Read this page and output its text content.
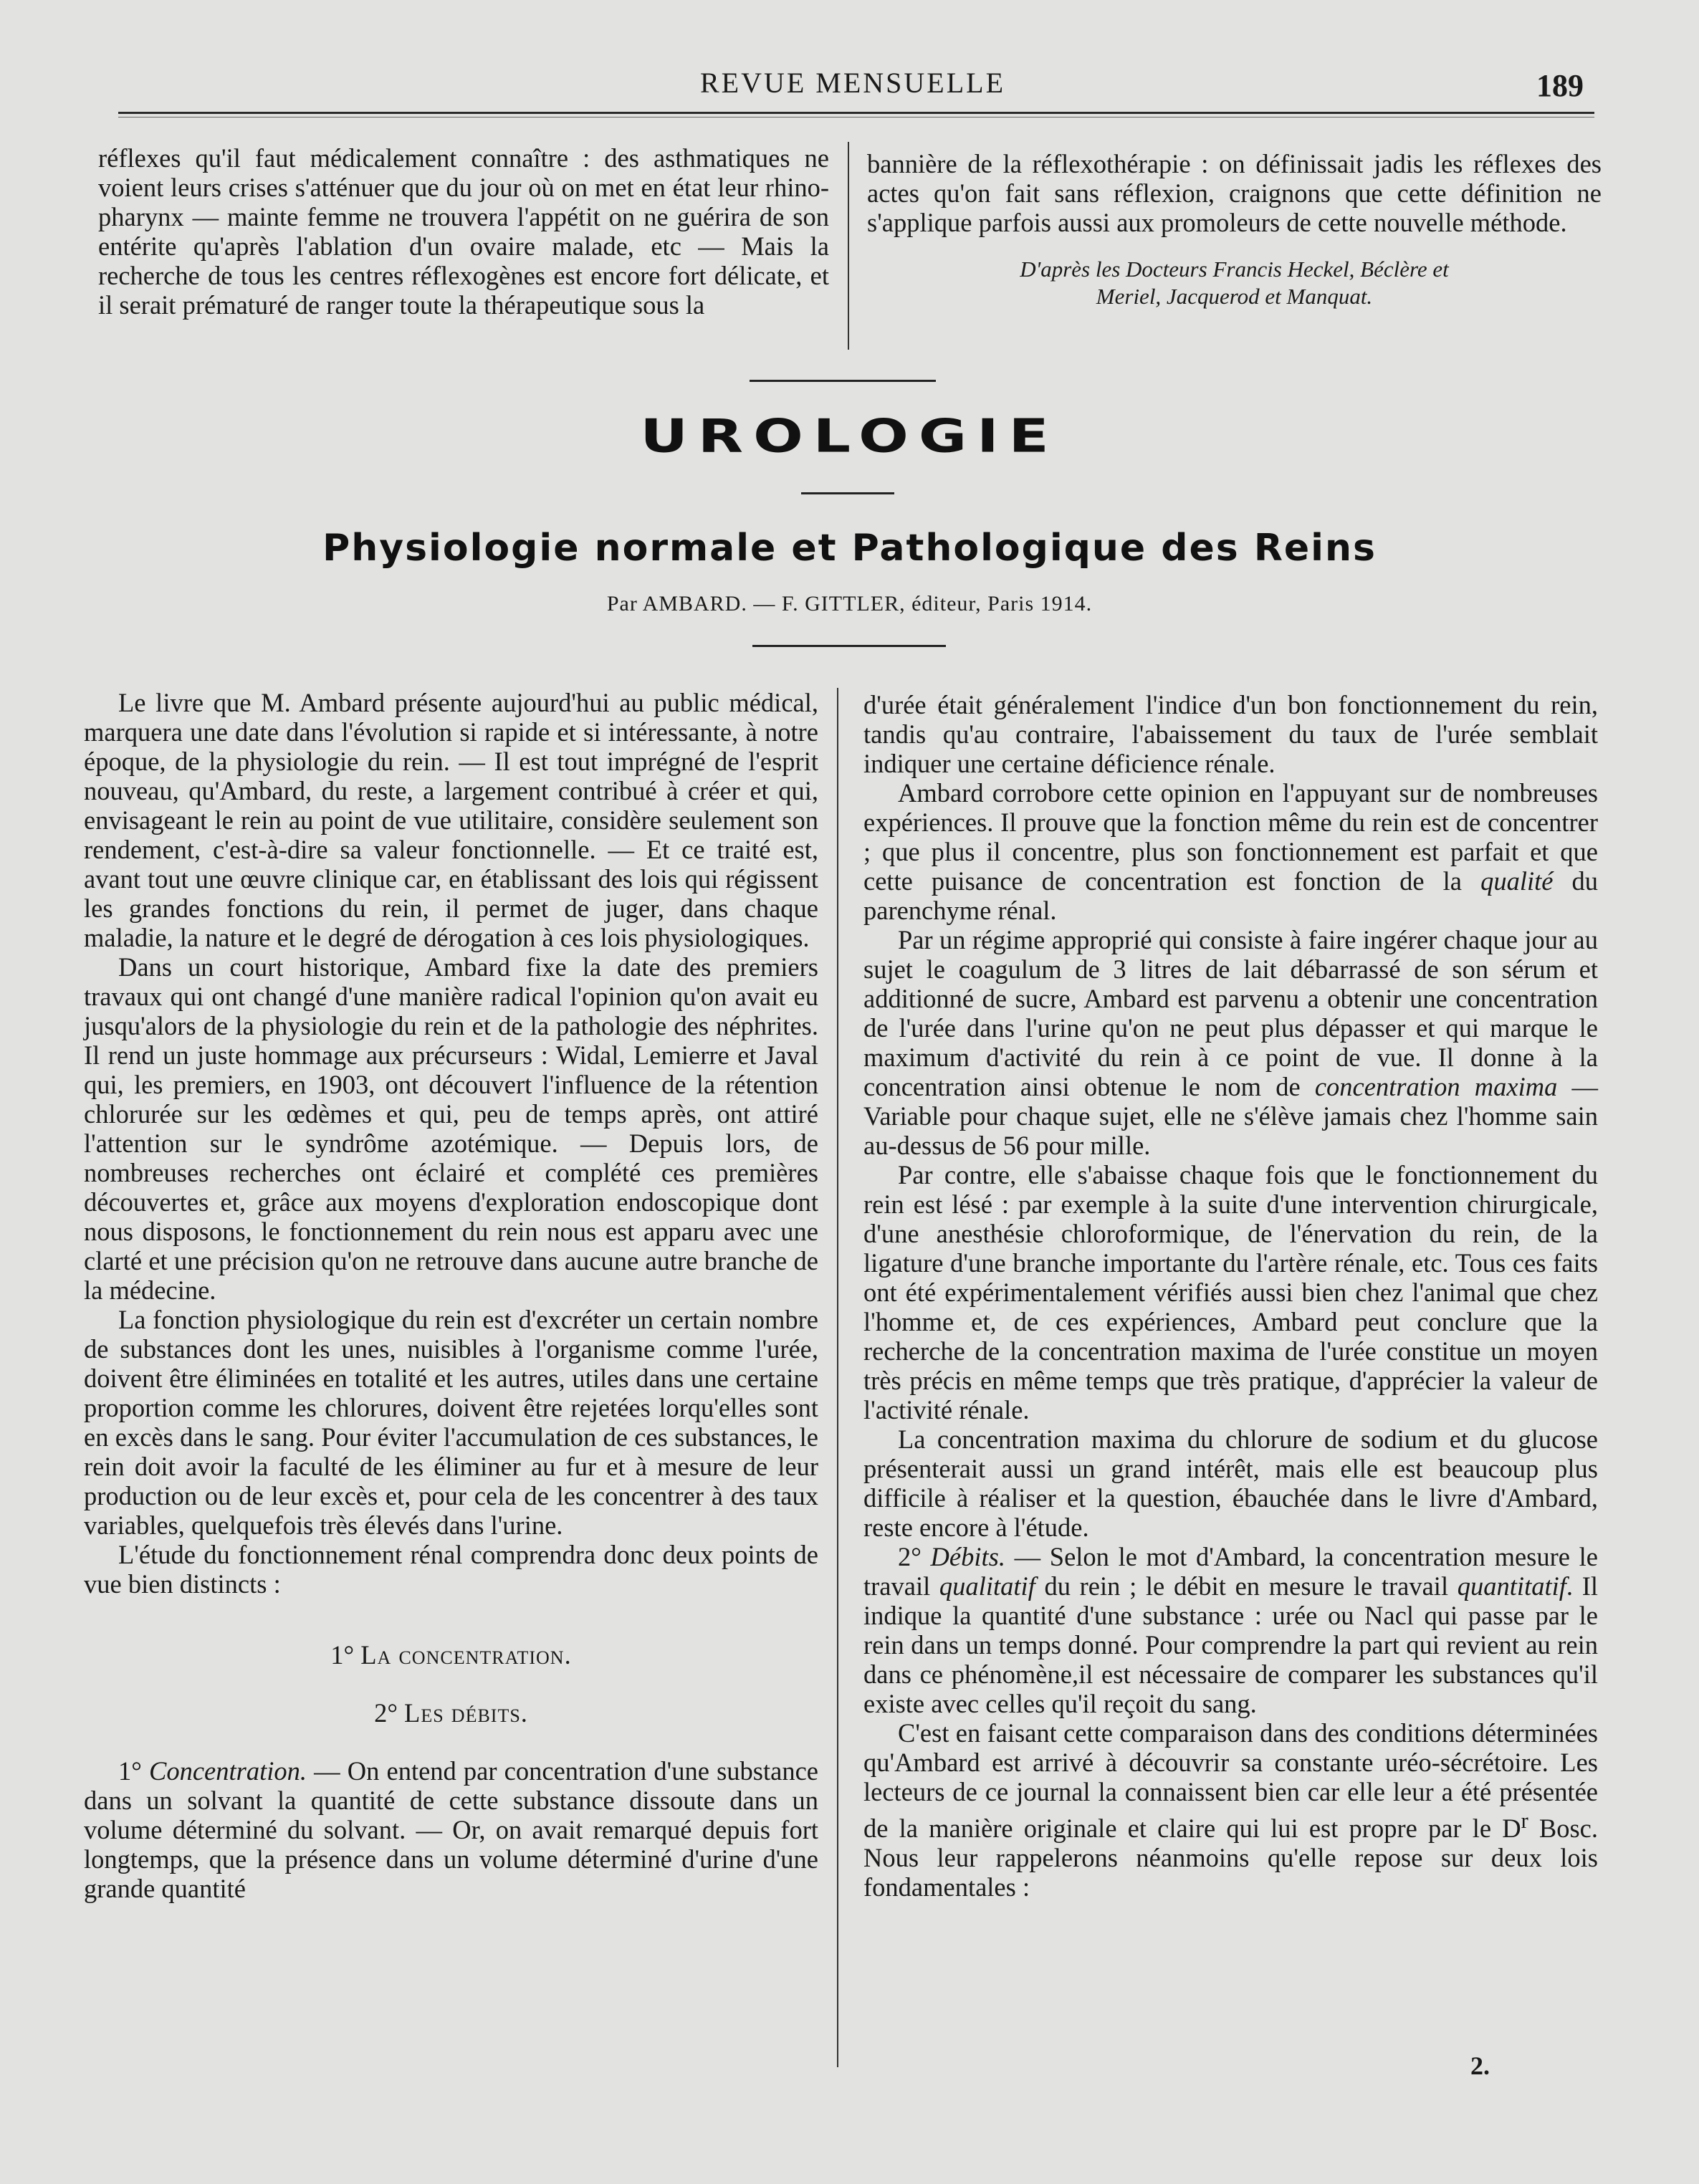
REVUE MENSUELLE	189

réflexes qu'il faut médicalement connaître : des asthmatiques ne voient leurs crises s'atténuer que du jour où on met en état leur rhino-pharynx — mainte femme ne trouvera l'appétit on ne guérira de son entérite qu'après l'ablation d'un ovaire malade, etc — Mais la recherche de tous les centres réflexogènes est encore fort délicate, et il serait prématuré de ranger toute la thérapeutique sous la

bannière de la réflexothérapie : on définissait jadis les réflexes des actes qu'on fait sans réflexion, craignons que cette définition ne s'applique parfois aussi aux promoleurs de cette nouvelle méthode.

D'après les Docteurs Francis Heckel, Béclère et
Meriel, Jacquerod et Manquat.
UROLOGIE
Physiologie normale et Pathologique des Reins
Par AMBARD. — F. GITTLER, éditeur, Paris 1914.

Le livre que M. Ambard présente aujourd'hui au public médical, marquera une date dans l'évolution si rapide et si intéressante, à notre époque, de la physiologie du rein. — Il est tout imprégné de l'esprit nouveau, qu'Ambard, du reste, a largement contribué à créer et qui, envisageant le rein au point de vue utilitaire, considère seulement son rendement, c'est-à-dire sa valeur fonctionnelle. — Et ce traité est, avant tout une œuvre clinique car, en établissant des lois qui régissent les grandes fonctions du rein, il permet de juger, dans chaque maladie, la nature et le degré de dérogation à ces lois physiologiques.

Dans un court historique, Ambard fixe la date des premiers travaux qui ont changé d'une manière radical l'opinion qu'on avait eu jusqu'alors de la physiologie du rein et de la pathologie des néphrites. Il rend un juste hommage aux précurseurs : Widal, Lemierre et Javal qui, les premiers, en 1903, ont découvert l'influence de la rétention chlorurée sur les œdèmes et qui, peu de temps après, ont attiré l'attention sur le syndrôme azotémique. — Depuis lors, de nombreuses recherches ont éclairé et complété ces premières découvertes et, grâce aux moyens d'exploration endoscopique dont nous disposons, le fonctionnement du rein nous est apparu avec une clarté et une précision qu'on ne retrouve dans aucune autre branche de la médecine.

La fonction physiologique du rein est d'excréter un certain nombre de substances dont les unes, nuisibles à l'organisme comme l'urée, doivent être éliminées en totalité et les autres, utiles dans une certaine proportion comme les chlorures, doivent être rejetées lorqu'elles sont en excès dans le sang. Pour éviter l'accumulation de ces substances, le rein doit avoir la faculté de les éliminer au fur et à mesure de leur production ou de leur excès et, pour cela de les concentrer à des taux variables, quelquefois très élevés dans l'urine.

L'étude du fonctionnement rénal comprendra donc deux points de vue bien distincts :

1° La concentration.

2° Les débits.

1° Concentration. — On entend par concentration d'une substance dans un solvant la quantité de cette substance dissoute dans un volume déterminé du solvant. — Or, on avait remarqué depuis fort longtemps, que la présence dans un volume déterminé d'urine d'une grande quantité

d'urée était généralement l'indice d'un bon fonctionnement du rein, tandis qu'au contraire, l'abaissement du taux de l'urée semblait indiquer une certaine déficience rénale.

Ambard corrobore cette opinion en l'appuyant sur de nombreuses expériences. Il prouve que la fonction même du rein est de concentrer ; que plus il concentre, plus son fonctionnement est parfait et que cette puisance de concentration est fonction de la qualité du parenchyme rénal.

Par un régime approprié qui consiste à faire ingérer chaque jour au sujet le coagulum de 3 litres de lait débarrassé de son sérum et additionné de sucre, Ambard est parvenu a obtenir une concentration de l'urée dans l'urine qu'on ne peut plus dépasser et qui marque le maximum d'activité du rein à ce point de vue. Il donne à la concentration ainsi obtenue le nom de concentration maxima — Variable pour chaque sujet, elle ne s'élève jamais chez l'homme sain au-dessus de 56 pour mille.

Par contre, elle s'abaisse chaque fois que le fonctionnement du rein est lésé : par exemple à la suite d'une intervention chirurgicale, d'une anesthésie chloroformique, de l'énervation du rein, de la ligature d'une branche importante du l'artère rénale, etc. Tous ces faits ont été expérimentalement vérifiés aussi bien chez l'animal que chez l'homme et, de ces expériences, Ambard peut conclure que la recherche de la concentration maxima de l'urée constitue un moyen très précis en même temps que très pratique, d'apprécier la valeur de l'activité rénale.

La concentration maxima du chlorure de sodium et du glucose présenterait aussi un grand intérêt, mais elle est beaucoup plus difficile à réaliser et la question, ébauchée dans le livre d'Ambard, reste encore à l'étude.

2° Débits. — Selon le mot d'Ambard, la concentration mesure le travail qualitatif du rein ; le débit en mesure le travail quantitatif. Il indique la quantité d'une substance : urée ou Nacl qui passe par le rein dans un temps donné. Pour comprendre la part qui revient au rein dans ce phénomène,il est nécessaire de comparer les substances qu'il existe avec celles qu'il reçoit du sang.

C'est en faisant cette comparaison dans des conditions déterminées qu'Ambard est arrivé à découvrir sa constante uréo-sécrétoire. Les lecteurs de ce journal la connaissent bien car elle leur a été présentée de la manière originale et claire qui lui est propre par le $D^r$ Bosc. Nous leur rappelerons néanmoins qu'elle repose sur deux lois fondamentales :

2.
